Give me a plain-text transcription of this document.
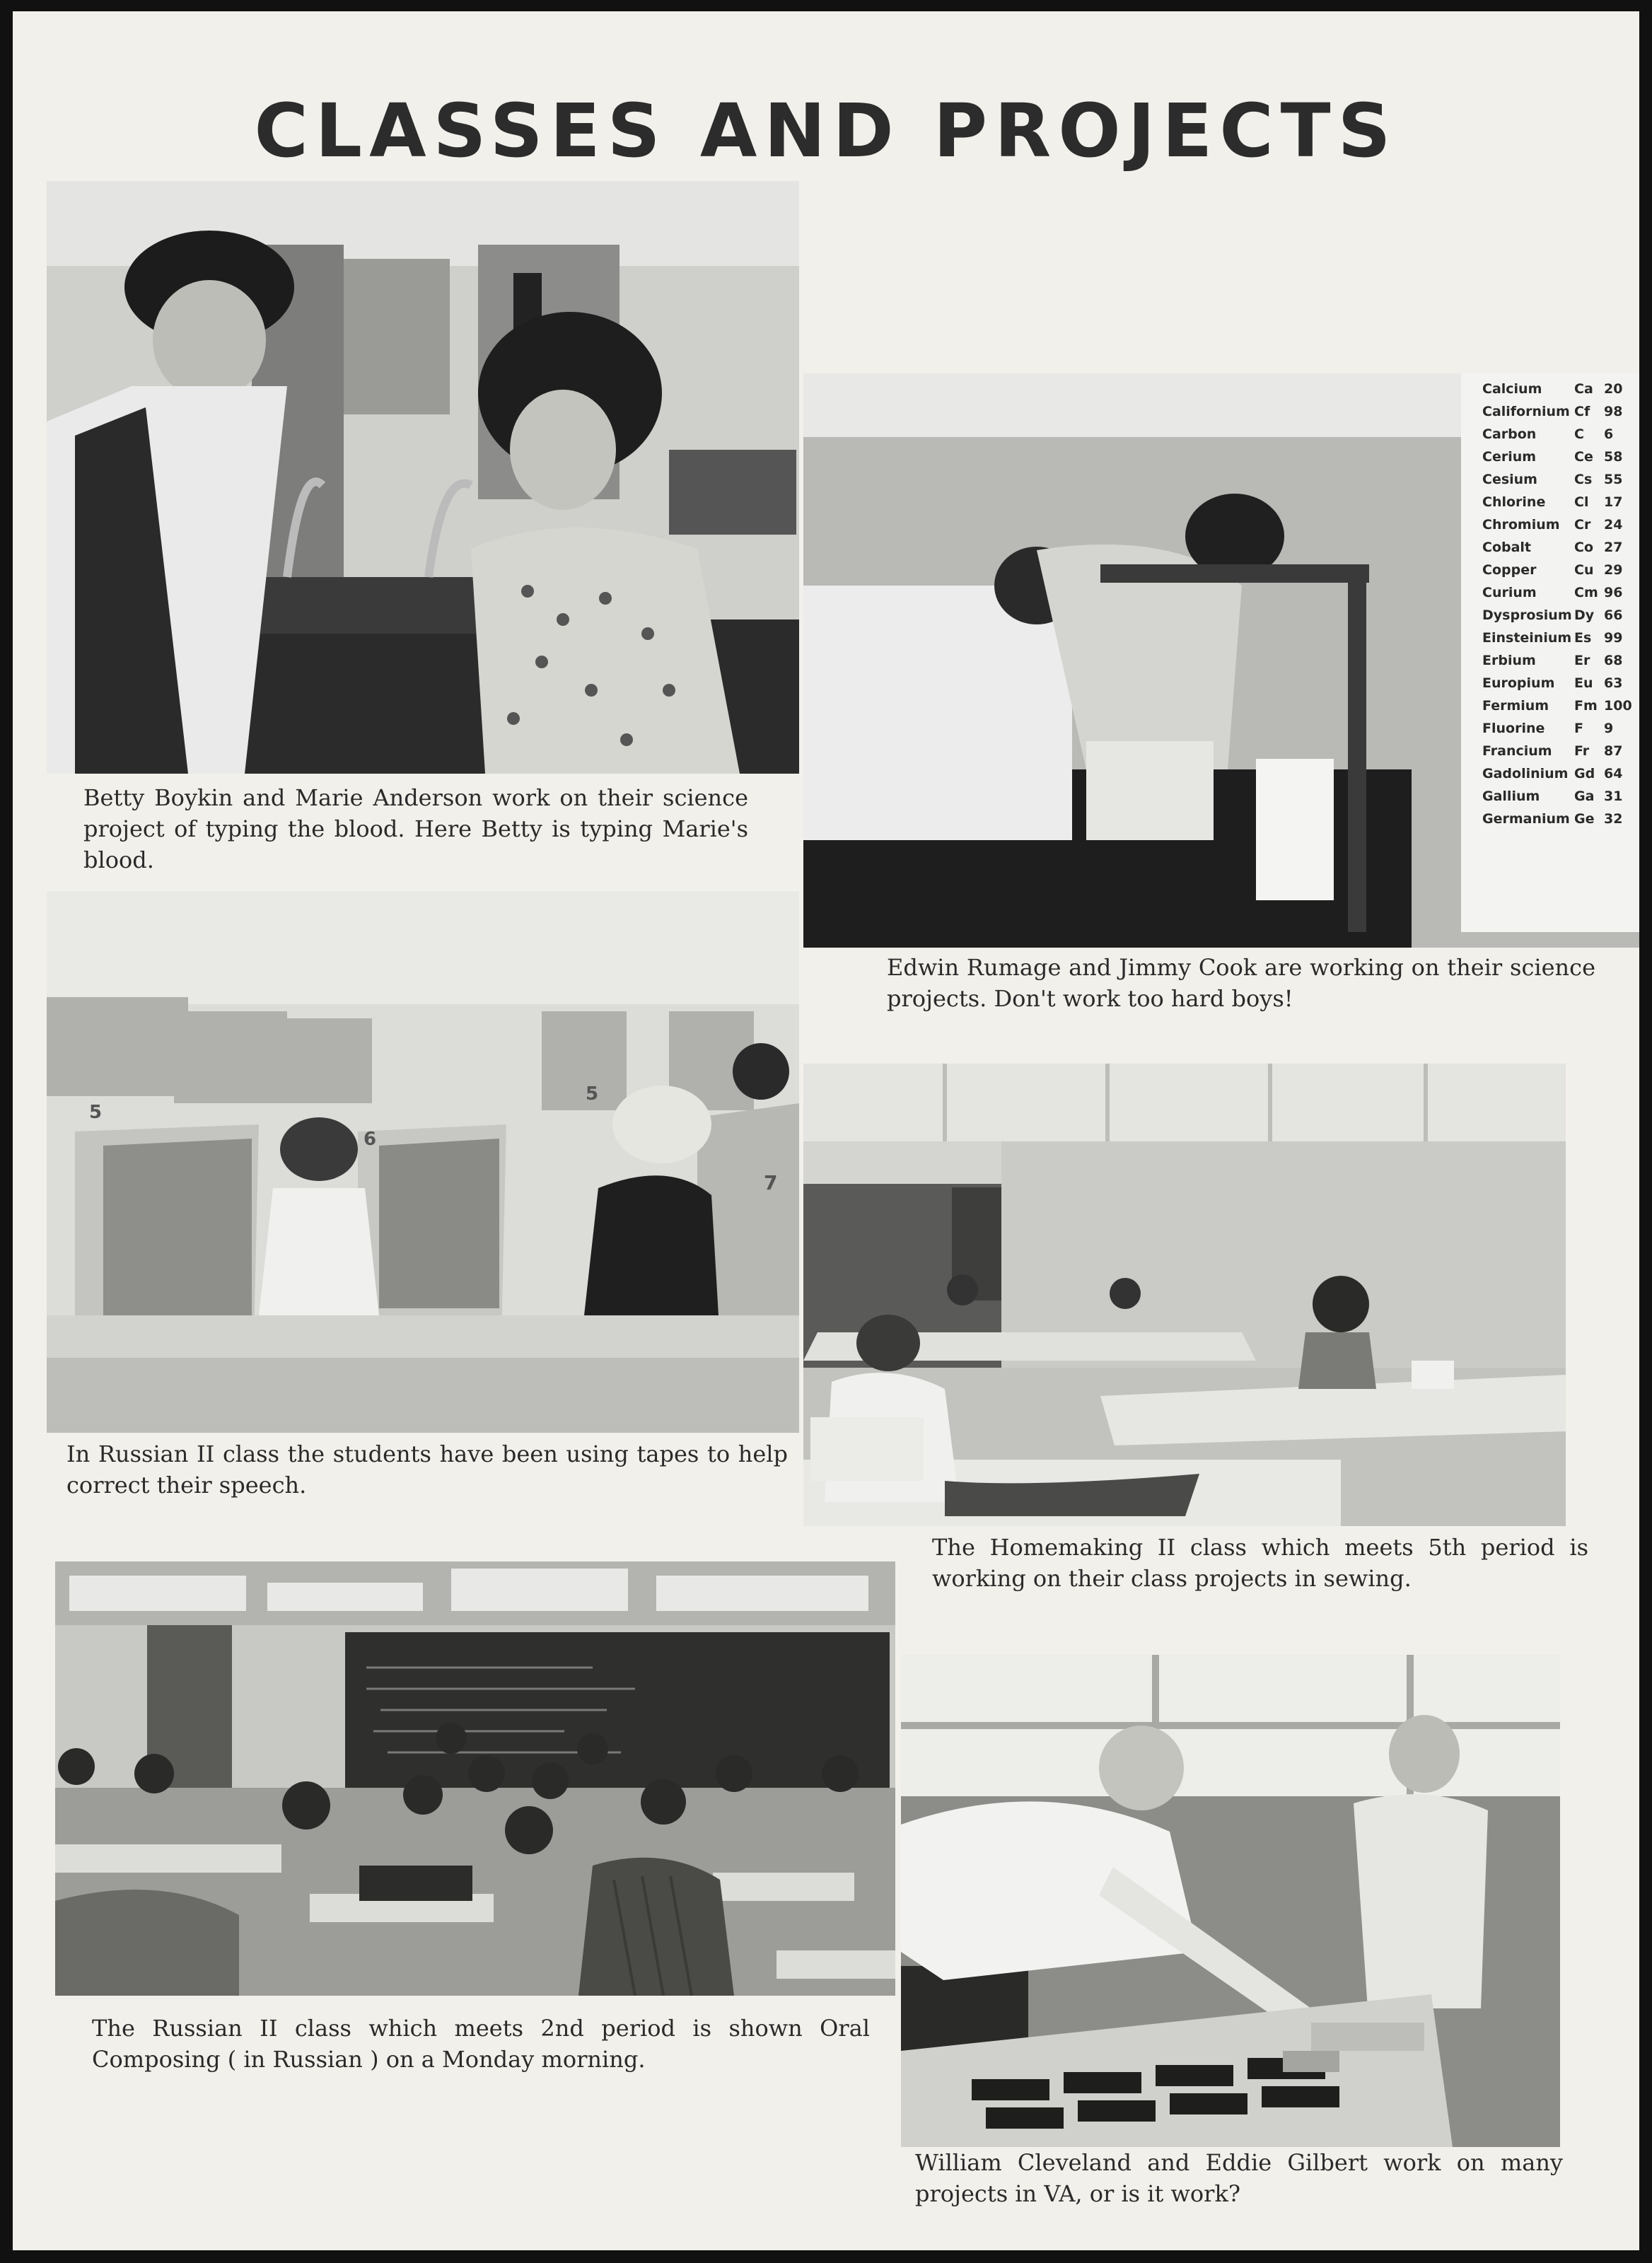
CLASSES AND PROJECTS

Betty Boykin and Marie Anderson work on their science project of typing the blood. Here Betty is typing Marie's blood.

Calcium	Ca 20
Californium Cf	98
Carbon	C	6
Cerium	Ce 58
Cesium	Cs 55
Chlorine	Cl	17
Chromium	Cr 24
Cobalt	Co 27
Copper	Cu 29
Curium	Cm 96
Dysprosium Dy 66
Einsteinium Es 99
Erbium	Er	68
Europium	Eu 63
Fermium	Fm 100
Fluorine	F	9
Francium	Fr	87
Gadolinium Gd 64
Gallium	Ga 31
Germanium Ge 32

Edwin Rumage and Jimmy Cook are working on their science projects. Don't work too hard boys!

5
6
5
7

In Russian II class the students have been using tapes to help correct their speech.

The Homemaking II class which meets 5th period is working on their class projects in sewing.

The Russian II class which meets 2nd period is shown Oral Composing ( in Russian ) on a Monday morning.

William Cleveland and Eddie Gilbert work on many projects in VA, or is it work?
